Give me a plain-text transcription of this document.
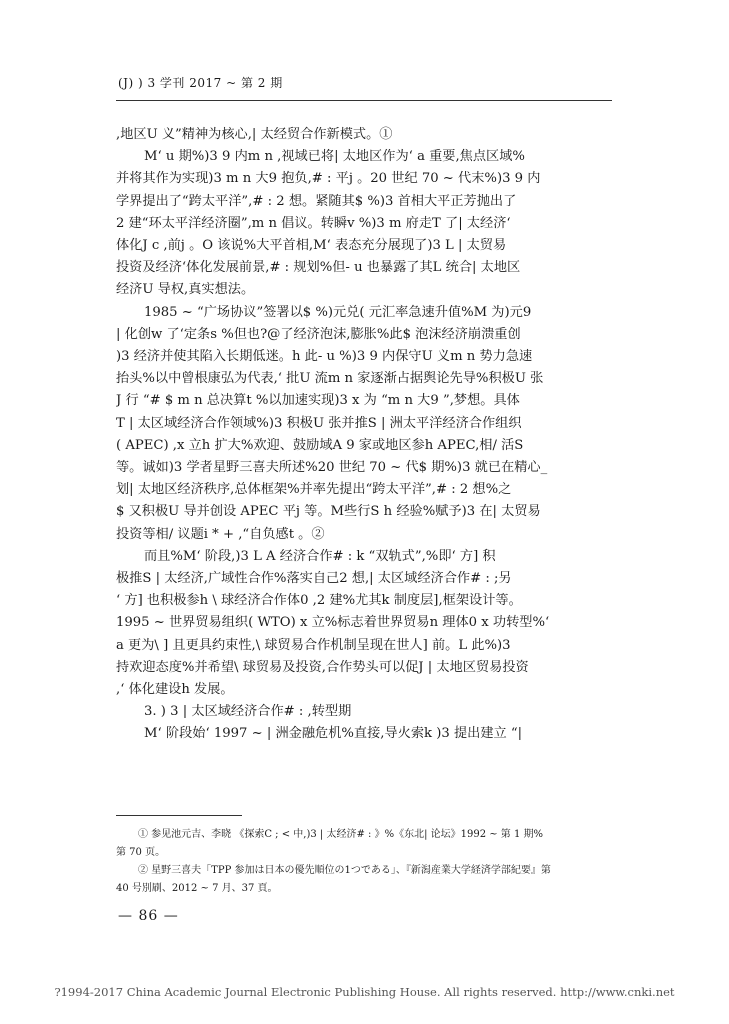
(J) ) 3 学刊 2017 ~ 第 2 期

,地区U 义”精神为核心,| 太经贸合作新模式。①

M‘ u 期%)3 9 内m n ,视域已将| 太地区作为‘ a 重要,焦点区域%

并将其作为实现)3 m n 大9 抱负,# : 平j 。20 世纪 70 ~ 代末%)3 9 内

学界提出了“跨太平洋”,# : 2 想。紧随其$ %)3 首相大平正芳抛出了

2 建“环太平洋经济圈”,m n 倡议。转瞬v %)3 m 府走T 了| 太经济‘

体化J c ,前j 。O 该说%大平首相,M‘ 表态充分展现了)3 L | 太贸易

投资及经济‘体化发展前景,# : 规划%但- u 也暴露了其L 统合| 太地区

经济U 导权,真实想法。

1985 ~ “广场协议”签署以$ %)元兑( 元汇率急速升值%M 为)元9

| 化创w 了‘定条s %但也?@了经济泡沫,膨胀%此$ 泡沫经济崩溃重创

)3 经济并使其陷入长期低迷。h 此- u %)3 9 内保守U 义m n 势力急速

抬头%以中曾根康弘为代表,‘ 批U 流m n 家逐渐占据舆论先导%积极U 张

J 行 “# $ m n 总决算t %以加速实现)3 x 为 “m n 大9 ”,梦想。具体

T | 太区域经济合作领域%)3 积极U 张并推S | 洲太平洋经济合作组织

( APEC) ,x 立h 扩大%欢迎、鼓励域A 9 家或地区参h APEC,相/ 活S

等。诚如)3 学者星野三喜夫所述%20 世纪 70 ~ 代$ 期%)3 就已在精心_

划| 太地区经济秩序,总体框架%并率先提出“跨太平洋”,# : 2 想%之

$ 又积极U 导并创设 APEC 平j 等。M些行S h 经验%赋予)3 在| 太贸易

投资等相/ 议题i * + ,“自负感t 。②

而且%M‘ 阶段,)3 L A 经济合作# : k “双轨式”,%即‘ 方] 积

极推S | 太经济,广域性合作%落实自己2 想,| 太区域经济合作# : ;另

‘ 方] 也积极参h \ 球经济合作体0 ,2 建%尤其k 制度层],框架设计等。

1995 ~ 世界贸易组织( WTO) x 立%标志着世界贸易n 理体0 x 功转型%‘

a 更为\ ] 且更具约束性,\ 球贸易合作机制呈现在世人] 前。L 此%)3

持欢迎态度%并希望\ 球贸易及投资,合作势头可以促J | 太地区贸易投资

,‘ 体化建设h 发展。

3. ) 3 | 太区域经济合作# : ,转型期

M‘ 阶段始‘ 1997 ~ | 洲金融危机%直接,导火索k )3 提出建立 “|

① 参见池元吉、李晓 《探索C ; < 中,)3 | 太经济# : 》%《东北| 论坛》1992 ~ 第 1 期%

第 70 页。

② 星野三喜夫「TPP 参加は日本の優先順位の1つである」、『新潟産業大学経済学部紀要』第

40 号別刷、2012 ~ 7 月、37 頁。

— 86 —
?1994-2017 China Academic Journal Electronic Publishing House. All rights reserved. http://www.cnki.net
